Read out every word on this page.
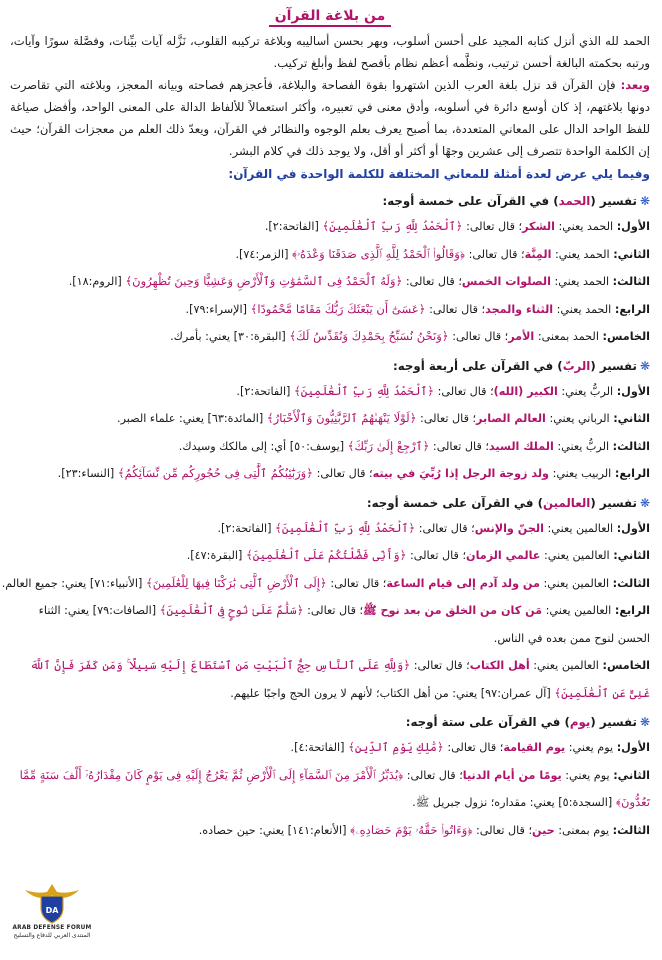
من بلاغة القرآن

الحمد لله الذي أنزل كتابه المجيد على أحسن أسلوب، وبهر بحسن أساليبه وبلاغة تركيبه القلوب، نَزَّله آيات بيِّنات، وفصَّلة سورًا وآيات، ورتبه بحكمته البالغة أحسن ترتيب، ونظَّمه أعظم نظام بأفصح لفظ وأبلغ تركيب.

وبعد: فإن القرآن قد نزل بلغة العرب الذين اشتهروا بقوة الفصاحة والبلاغة، فأعجزهم فصاحته وبيانه المعجز، وبلاغته التي تقاصرت دونها بلاغتهم، إذ كان أوسع دائرة في أسلوبه، وأدق معنى في تعبيره، وأكثر استعمالاً للألفاظ الدالة على المعنى الواحد، وأفضل صياغة للفظ الواحد الدال على المعاني المتعددة، بما أصبح يعرف بعلم الوجوه والنظائر في القرآن، ويعدّ ذلك العلم من معجزات القرآن؛ حيث إن الكلمة الواحدة تتصرف إلى عشرين وجهًا أو أكثر أو أقل، ولا يوجد ذلك في كلام البشر.

وفيما يلي عرض لعدة أمثلة للمعاني المختلفة للكلمة الواحدة في القرآن:

❋تفسير (الحمد) في القرآن على خمسة أوجه:

الأول: الحمد يعني: الشكر؛ قال تعالى: ﴿ٱلْحَمْدُ لِلَّهِ رَبِّ ٱلْعَٰلَمِينَ﴾ [الفاتحة:٢].

الثاني: الحمد يعني: المِنَّة؛ قال تعالى: ﴿وَقَالُوا۟ ٱلْحَمْدُ لِلَّهِ ٱلَّذِى صَدَقَنَا وَعْدَهُۥ﴾ [الزمر:٧٤].

الثالث: الحمد يعني: الصلوات الخمس؛ قال تعالى: ﴿وَلَهُ ٱلْحَمْدُ فِى ٱلسَّمَٰوَٰتِ وَٱلْأَرْضِ وَعَشِيًّا وَحِينَ تُظْهِرُونَ﴾ [الروم:١٨].

الرابع: الحمد يعني: الثناء والمجد؛ قال تعالى: ﴿عَسَىٰٓ أَن يَبْعَثَكَ رَبُّكَ مَقَامًا مَّحْمُودًا﴾ [الإسراء:٧٩].

الخامس: الحمد بمعنى: الأمر؛ قال تعالى: ﴿وَنَحْنُ نُسَبِّحُ بِحَمْدِكَ وَنُقَدِّسُ لَكَ﴾ [البقرة:٣٠] يعني: بأمرك.

❋تفسير (الربّ) في القرآن على أربعة أوجه:

الأول: الربُّ يعني: الكبير (الله)؛ قال تعالى: ﴿ٱلْحَمْدُ لِلَّهِ رَبِّ ٱلْعَٰلَمِينَ﴾ [الفاتحة:٢].

الثاني: الرباني يعني: العالم الصابر؛ قال تعالى: ﴿لَوْلَا يَنْهَىٰهُمُ ٱلرَّبَّٰنِيُّونَ وَٱلْأَحْبَارُ﴾ [المائدة:٦٣] يعني: علماء الصبر.

الثالث: الربُّ يعني: الملك السيد؛ قال تعالى: ﴿ٱرْجِعْ إِلَىٰ رَبِّكَ﴾ [يوسف:٥٠] أي: إلى مالكك وسيدك.

الرابع: الربيب يعني: ولد زوجة الرجل إذا رُبِّيَ في بيته؛ قال تعالى: ﴿وَرَبَٰٓئِبُكُمُ ٱلَّٰتِى فِى حُجُورِكُم مِّن نِّسَآئِكُمُ﴾ [النساء:٢٣].

❋تفسير (العالمين) في القرآن على خمسة أوجه:

الأول: العالمين يعني: الجنّ والإنس؛ قال تعالى: ﴿ٱلْحَمْدُ لِلَّهِ رَبِّ ٱلْعَٰلَمِينَ﴾ [الفاتحة:٢].

الثاني: العالمين يعني: عالمي الزمان؛ قال تعالى: ﴿وَأَنِّى فَضَّلْتُكُمْ عَلَى ٱلْعَٰلَمِينَ﴾ [البقرة:٤٧].

الثالث: العالمين يعني: من ولد آدم إلى قيام الساعة؛ قال تعالى: ﴿إِلَى ٱلْأَرْضِ ٱلَّتِى بَٰرَكْنَا فِيهَا لِلْعَٰلَمِينَ﴾ [الأنبياء:٧١] يعني: جميع العالم.

الرابع: العالمين يعني: مَن كان من الخلق من بعد نوح ﷺ؛ قال تعالى: ﴿سَلَٰمٌ عَلَىٰ نُوحٍ فِى ٱلْعَٰلَمِينَ﴾ [الصافات:٧٩] يعني: الثناء الحسن لنوح ممن بعده في الناس.

الخامس: العالمين يعني: أهل الكتاب؛ قال تعالى: ﴿وَلِلَّهِ عَلَى ٱلنَّاسِ حِجُّ ٱلْبَيْتِ مَنِ ٱسْتَطَاعَ إِلَيْهِ سَبِيلًا ۚ وَمَن كَفَرَ فَإِنَّ ٱللَّهَ غَنِىٌّ عَنِ ٱلْعَٰلَمِينَ﴾ [آل عمران:٩٧] يعني: من أهل الكتاب؛ لأنهم لا يرون الحج واجبًا عليهم.

❋تفسير (يوم) في القرآن على ستة أوجه:

الأول: يوم يعني: يوم القيامة؛ قال تعالى: ﴿مَٰلِكِ يَوْمِ ٱلدِّينِ﴾ [الفاتحة:٤].

الثاني: يوم يعني: يومًا من أيام الدنيا؛ قال تعالى: ﴿يُدَبِّرُ ٱلْأَمْرَ مِنَ ٱلسَّمَآءِ إِلَى ٱلْأَرْضِ ثُمَّ يَعْرُجُ إِلَيْهِ فِى يَوْمٍ كَانَ مِقْدَارُهُۥٓ أَلْفَ سَنَةٍ مِّمَّا تَعُدُّونَ﴾ [السجدة:٥] يعني: مقداره؛ نزول جبريل ﷺ.

الثالث: يوم بمعنى: حين؛ قال تعالى: ﴿وَءَاتُوا۟ حَقَّهُۥ يَوْمَ حَصَادِهِۦ﴾ [الأنعام:١٤١] يعني: حين حصاده.

DA
ARAB DEFENSE FORUM
المنتدى العربي للدفاع والتسليح
